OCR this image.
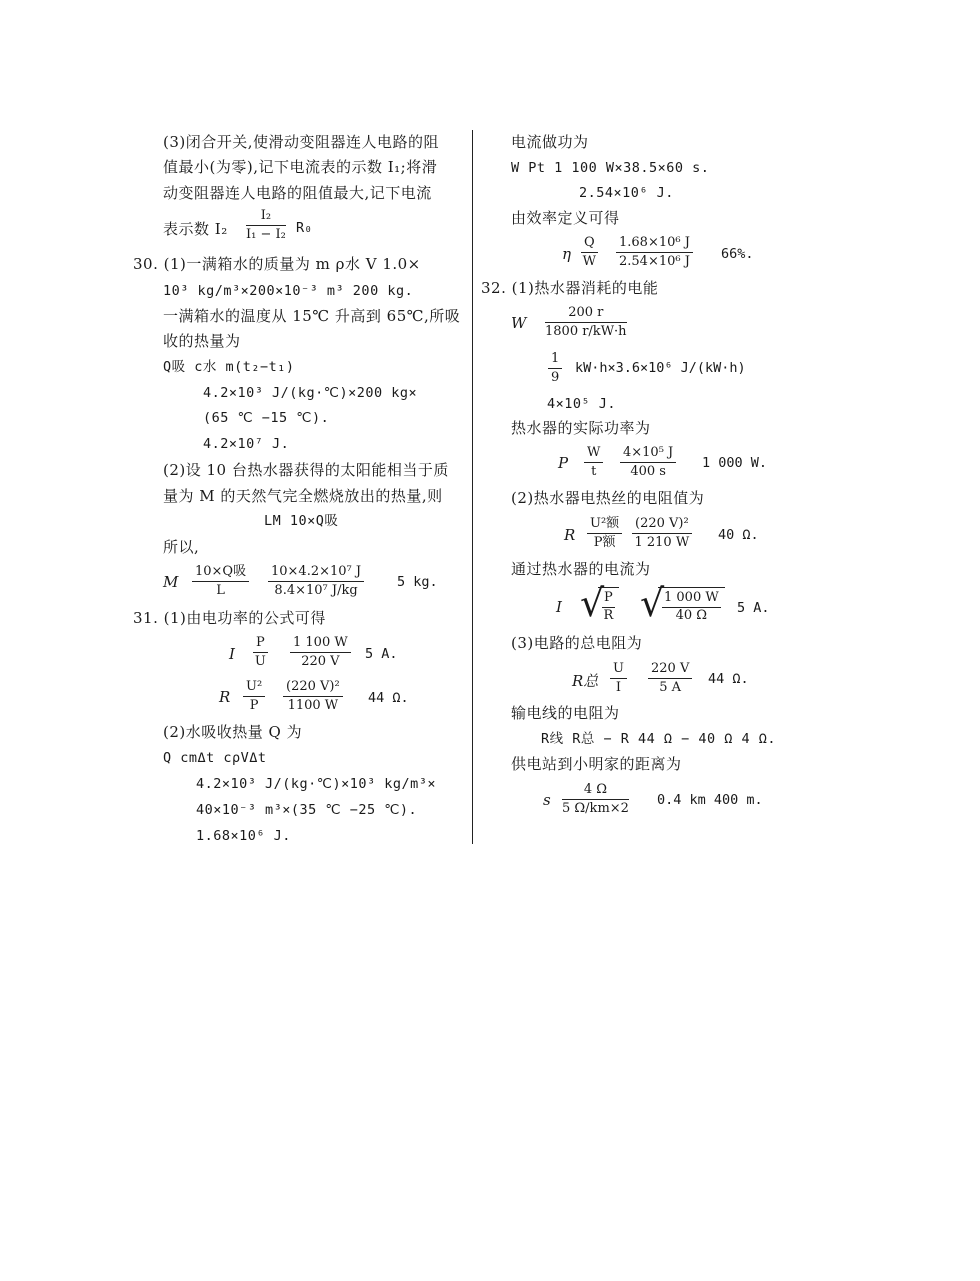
(3)闭合开关,使滑动变阻器连人电路的阻
值最小(为零),记下电流表的示数 I₁;将滑
动变阻器连人电路的阻值最大,记下电流
表示数 $I_2 \frac{\text{I₂}}{\text{I₁ − I₂}} R_0$
30. (1)一满箱水的质量为 m ρ水 V 1.0×
10³ kg/m³×200×10⁻³ m³ 200 kg.
一满箱水的温度从 15℃ 升高到 65℃,所吸
收的热量为
Q吸 c水 m(t₂−t₁)
4.2×10³ J/(kg·℃)×200 kg×
(65 ℃ −15 ℃).
4.2×10⁷ J.
(2)设 10 台热水器获得的太阳能相当于质
量为 M 的天然气完全燃烧放出的热量,则
LM 10×Q吸
所以,
M
10×Q吸
L	$\frac{\text{10×4.2×10⁷ J}}{\text{8.4×10⁷ J/kg}} 5$ kg.
31. (1)由电功率的公式可得
I $\frac{P}{U} \frac{1 100 W}{220 V} 5$ A.
R $\frac{\text{U²}}{P} \frac{\text{(220 V)²}}{1100 W} 44$ Ω.
(2)水吸收热量 Q 为
Q cmΔt cρVΔt
4.2×10³ J/(kg·℃)×10³ kg/m³×
40×10⁻³ m³×(35 ℃ −25 ℃).
1.68×10⁶ J.
电流做功为
W Pt 1 100 W×38.5×60 s.
2.54×10⁶ J.
由效率定义可得
η $\frac{Q}{W} \frac{\text{1.68×10⁶ J}}{\text{2.54×10⁶ J}} 66\%$.
32. (1)热水器消耗的电能
W $\frac{200 r}{1800 r/kW\cdot h}$
$\frac{1}{9} kW\cdot h\times 3.6\times 10^6$ J/(kW·h)
4×10⁵ J.
热水器的实际功率为
P $\frac{W}{t} \frac{\text{4×10⁵ J}}{400 s} 1$ 000 W.
(2)热水器电热丝的电阻值为
R
U²额
P额	$\frac{\text{(220 V)²}}{1 210 W} 40$ Ω.
通过热水器的电流为
I √
$\frac{P}{R}$ √
$\frac{1 000 W}{40 \Omega} 5$ A.
(3)电路的总电阻为
R总 $\frac{U}{I} \frac{220 V}{5 A} 44$ Ω.
输电线的电阻为
R线 R总 − R 44 Ω − 40 Ω 4 Ω.
供电站到小明家的距离为
s $\frac{4 \Omega}{5 \Omega/km\times 2} 0.4$ km 400 m.
